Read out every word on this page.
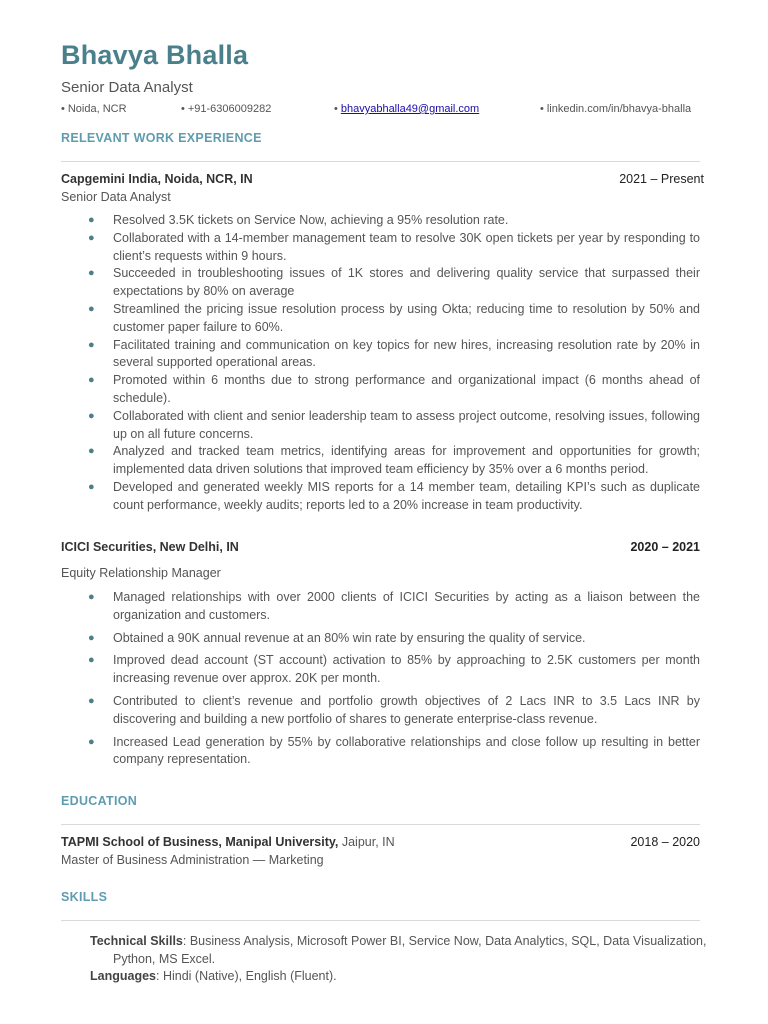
Bhavya Bhalla
Senior Data Analyst
• Noida, NCR	• +91-6306009282	• bhavyabhalla49@gmail.com	• linkedin.com/in/bhavya-bhalla
RELEVANT WORK EXPERIENCE
Capgemini India, Noida, NCR, IN	2021 – Present
Senior Data Analyst
● Resolved 3.5K tickets on Service Now, achieving a 95% resolution rate.
● Collaborated with a 14-member management team to resolve 30K open tickets per year by responding to client’s requests within 9 hours.
● Succeeded in troubleshooting issues of 1K stores and delivering quality service that surpassed their expectations by 80% on average
● Streamlined the pricing issue resolution process by using Okta; reducing time to resolution by 50% and customer paper failure to 60%.
● Facilitated training and communication on key topics for new hires, increasing resolution rate by 20% in several supported operational areas.
● Promoted within 6 months due to strong performance and organizational impact (6 months ahead of schedule).
● Collaborated with client and senior leadership team to assess project outcome, resolving issues, following up on all future concerns.
● Analyzed and tracked team metrics, identifying areas for improvement and opportunities for growth; implemented data driven solutions that improved team efficiency by 35% over a 6 months period.
● Developed and generated weekly MIS reports for a 14 member team, detailing KPI’s such as duplicate count performance, weekly audits; reports led to a 20% increase in team productivity.
ICICI Securities, New Delhi, IN	2020 – 2021
Equity Relationship Manager
● Managed relationships with over 2000 clients of ICICI Securities by acting as a liaison between the organization and customers.
● Obtained a 90K annual revenue at an 80% win rate by ensuring the quality of service.
● Improved dead account (ST account) activation to 85% by approaching to 2.5K customers per month increasing revenue over approx. 20K per month.
● Contributed to client’s revenue and portfolio growth objectives of 2 Lacs INR to 3.5 Lacs INR by discovering and building a new portfolio of shares to generate enterprise-class revenue.
● Increased Lead generation by 55% by collaborative relationships and close follow up resulting in better company representation.
EDUCATION
TAPMI School of Business, Manipal University, Jaipur, IN	2018 – 2020
Master of Business Administration — Marketing
SKILLS
Technical Skills: Business Analysis, Microsoft Power BI, Service Now, Data Analytics, SQL, Data Visualization, Python, MS Excel.
Languages: Hindi (Native), English (Fluent).
